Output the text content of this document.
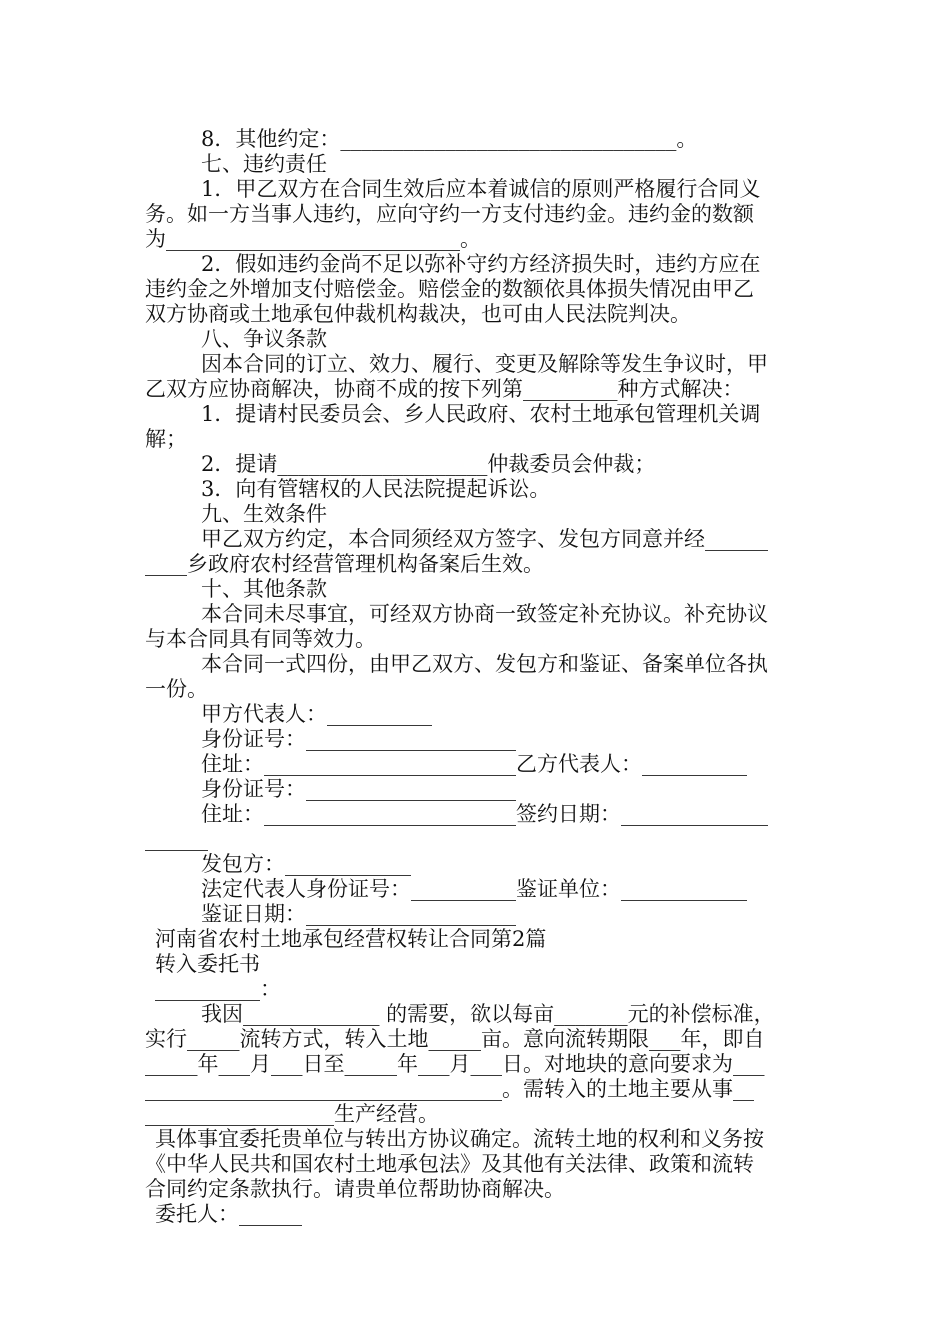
8．其他约定：________________________________。

七、违约责任

1．甲乙双方在合同生效后应本着诚信的原则严格履行合同义

务。如一方当事人违约，应向守约一方支付违约金。违约金的数额

为____________________________。

2．假如违约金尚不足以弥补守约方经济损失时，违约方应在

违约金之外增加支付赔偿金。赔偿金的数额依具体损失情况由甲乙

双方协商或土地承包仲裁机构裁决，也可由人民法院判决。

八、争议条款

因本合同的订立、效力、履行、变更及解除等发生争议时，甲

乙双方应协商解决，协商不成的按下列第_________种方式解决：

1．提请村民委员会、乡人民政府、农村土地承包管理机关调

解；

2．提请____________________仲裁委员会仲裁；

3．向有管辖权的人民法院提起诉讼。

九、生效条件

甲乙双方约定，本合同须经双方签字、发包方同意并经______

____乡政府农村经营管理机构备案后生效。

十、其他条款

本合同未尽事宜，可经双方协商一致签定补充协议。补充协议

与本合同具有同等效力。

本合同一式四份，由甲乙双方、发包方和鉴证、备案单位各执

一份。

甲方代表人：__________

身份证号：____________________

住址：________________________乙方代表人：__________

身份证号：____________________

住址：________________________签约日期：______________

______

发包方：____________

法定代表人身份证号：__________鉴证单位：____________

鉴证日期：____________________

河南省农村土地承包经营权转让合同第2篇

转入委托书

__________：

我因_____________ 的需要，欲以每亩_______元的补偿标准，

实行_____流转方式，转入土地_____亩。意向流转期限___年，即自

_____年___月___日至_____年___月___日。对地块的意向要求为___

__________________________________。需转入的土地主要从事__

__________________生产经营。

具体事宜委托贵单位与转出方协议确定。流转土地的权利和义务按

《中华人民共和国农村土地承包法》及其他有关法律、政策和流转

合同约定条款执行。请贵单位帮助协商解决。

委托人：______
